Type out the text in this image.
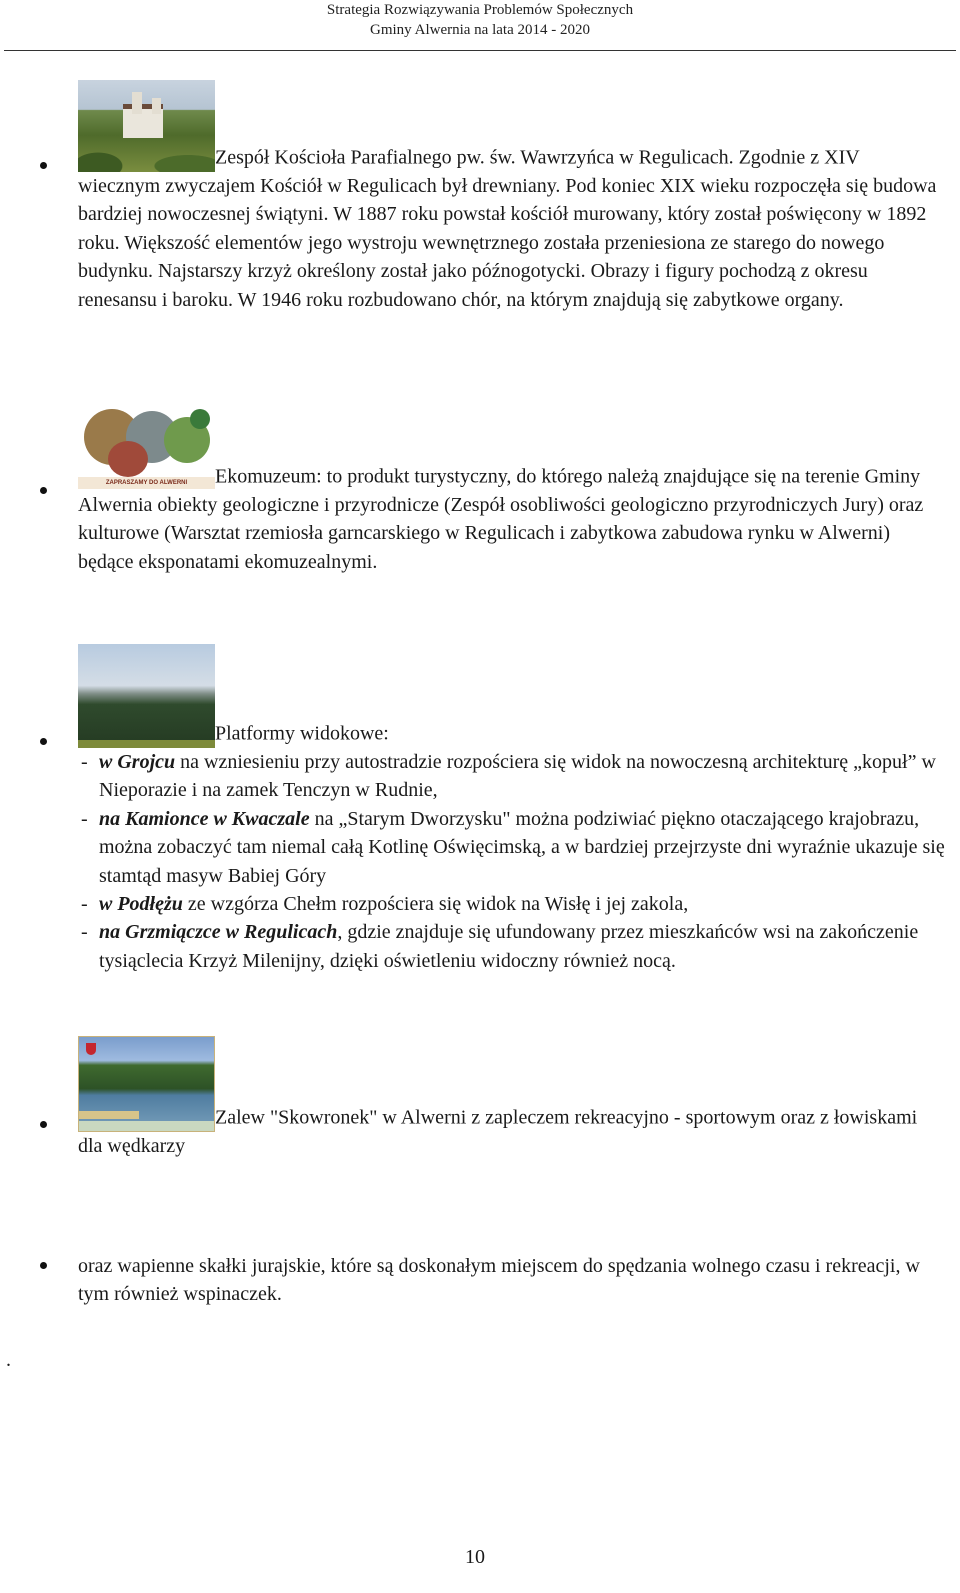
Strategia Rozwiązywania Problemów Społecznych
Gminy Alwernia na lata 2014 - 2020

Zespół Kościoła Parafialnego pw. św. Wawrzyńca w Regulicach. Zgodnie z XIV wiecznym zwyczajem Kościół w Regulicach był drewniany. Pod koniec XIX wieku rozpoczęła się budowa bardziej nowoczesnej świątyni. W 1887 roku powstał kościół murowany, który został poświęcony w 1892 roku. Większość elementów jego wystroju wewnętrznego została przeniesiona ze starego do nowego budynku. Najstarszy krzyż określony został jako późnogotycki. Obrazy i figury pochodzą z okresu renesansu i baroku. W 1946 roku rozbudowano chór, na którym znajdują się zabytkowe organy.

ZAPRASZAMY DO ALWERNI	Ekomuzeum: to produkt turystyczny, do którego należą znajdujące się na terenie Gminy Alwernia obiekty geologiczne i przyrodnicze (Zespół osobliwości geologiczno przyrodniczych Jury) oraz kulturowe (Warsztat rzemiosła garncarskiego w Regulicach i zabytkowa zabudowa rynku w Alwerni) będące eksponatami ekomuzealnymi.

Platformy widokowe:

- w Grojcu na wzniesieniu przy autostradzie rozpościera się widok na nowoczesną architekturę „kopuł” w Nieporazie i na zamek Tenczyn w Rudnie,
- na Kamionce w Kwaczale na „Starym Dworzysku" można podziwiać piękno otaczającego krajobrazu, można zobaczyć tam niemal całą Kotlinę Oświęcimską, a w bardziej przejrzyste dni wyraźnie ukazuje się stamtąd masyw Babiej Góry
- w Podłężu ze wzgórza Chełm rozpościera się widok na Wisłę i jej zakola,
- na Grzmiączce w Regulicach, gdzie znajduje się ufundowany przez mieszkańców wsi na zakończenie tysiąclecia Krzyż Milenijny, dzięki oświetleniu widoczny również nocą.

Zalew "Skowronek" w Alwerni z zapleczem rekreacyjno - sportowym oraz z łowiskami dla wędkarzy

oraz wapienne skałki jurajskie, które są doskonałym miejscem do spędzania wolnego czasu i rekreacji, w tym również wspinaczek.

.
10
